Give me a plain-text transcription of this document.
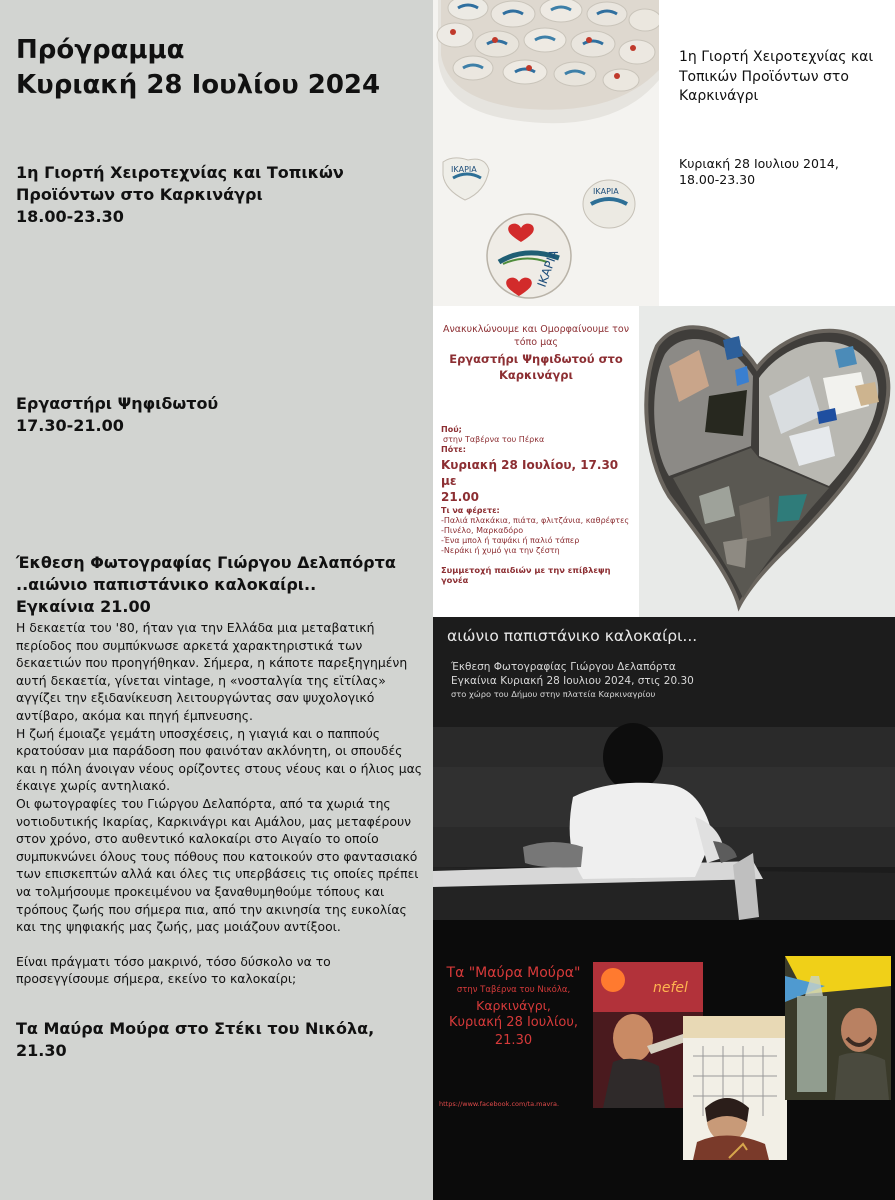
Πρόγραμμα
Κυριακή 28 Ιουλίου 2024
1η Γιορτή Χειροτεχνίας και Τοπικών
Προϊόντων στο Καρκινάγρι
18.00-23.30
Εργαστήρι Ψηφιδωτού
17.30-21.00
Έκθεση Φωτογραφίας Γιώργου Δελαπόρτα
..αιώνιο παπιστάνικο καλοκαίρι..
Εγκαίνια 21.00

Η δεκαετία του '80, ήταν για την Ελλάδα μια μεταβατική περίοδος που συμπύκνωσε αρκετά χαρακτηριστικά των δεκαετιών που προηγήθηκαν. Σήμερα, η κάποτε παρεξηγημένη αυτή δεκαετία, γίνεται vintage, η «νοσταλγία της εϊτίλας» αγγίζει την εξιδανίκευση λειτουργώντας σαν ψυχολογικό αντίβαρο, ακόμα και πηγή έμπνευσης.

Η ζωή έμοιαζε γεμάτη υποσχέσεις, η γιαγιά και ο παππούς κρατούσαν μια παράδοση που φαινόταν ακλόνητη, οι σπουδές και η πόλη άνοιγαν νέους ορίζοντες στους νέους και ο ήλιος μας έκαιγε χωρίς αντηλιακό.

Οι φωτογραφίες του Γιώργου Δελαπόρτα, από τα χωριά της νοτιοδυτικής Ικαρίας, Καρκινάγρι και Αμάλου, μας μεταφέρουν στον χρόνο, στο αυθεντικό καλοκαίρι στο Αιγαίο το οποίο συμπυκνώνει όλους τους πόθους που κατοικούν στο φαντασιακό των επισκεπτών αλλά και όλες τις υπερβάσεις τις οποίες πρέπει να τολμήσουμε προκειμένου να ξαναθυμηθούμε τόπους και τρόπους ζωής που σήμερα πια, από την ακινησία της ευκολίας και της ψηφιακής μας ζωής, μας μοιάζουν αντίξοοι.

Είναι πράγματι τόσο μακρινό, τόσο δύσκολο να το προσεγγίσουμε σήμερα, εκείνο το καλοκαίρι;

Τα Μαύρα Μούρα στο Στέκι του Νικόλα,
21.30
ΙΚΑΡΙΑ
ΙΚΑΡΙΑ
ΙΚΑΡΙΑ
1η Γιορτή Χειροτεχνίας και
Τοπικών Προϊόντων στο
Καρκινάγρι
Κυριακή 28 Ιουλιου 2014,
18.00-23.30
Ανακυκλώνουμε και Ομορφαίνουμε τον
τόπο μας
Εργαστήρι Ψηφιδωτού στο
Καρκινάγρι
Πού;
στην Ταβέρνα του Πέρκα
Πότε:
Κυριακή 28 Ιουλίου, 17.30 με
21.00
Τι να φέρετε:
-Παλιά πλακάκια, πιάτα, φλιτζάνια, καθρέφτες
-Πινέλο, Μαρκαδόρο
-Ένα μπολ ή ταψάκι ή παλιό τάπερ
-Νεράκι ή χυμό για την ζέστη
Συμμετοχή παιδιών με την επίβλεψη γονέα
αιώνιο παπιστάνικο καλοκαίρι...
Έκθεση Φωτογραφίας Γιώργου Δελαπόρτα
Εγκαίνια Κυριακή 28 Ιουλιου 2024, στις 20.30
στο χώρο του Δήμου στην πλατεία Καρκιναγρίου
Τα "Μαύρα Μούρα"
στην Ταβέρνα του Νικόλα,
Καρκινάγρι,
Κυριακή 28 Ιουλίου,
21.30
https://www.facebook.com/ta.mavra.
nefel
